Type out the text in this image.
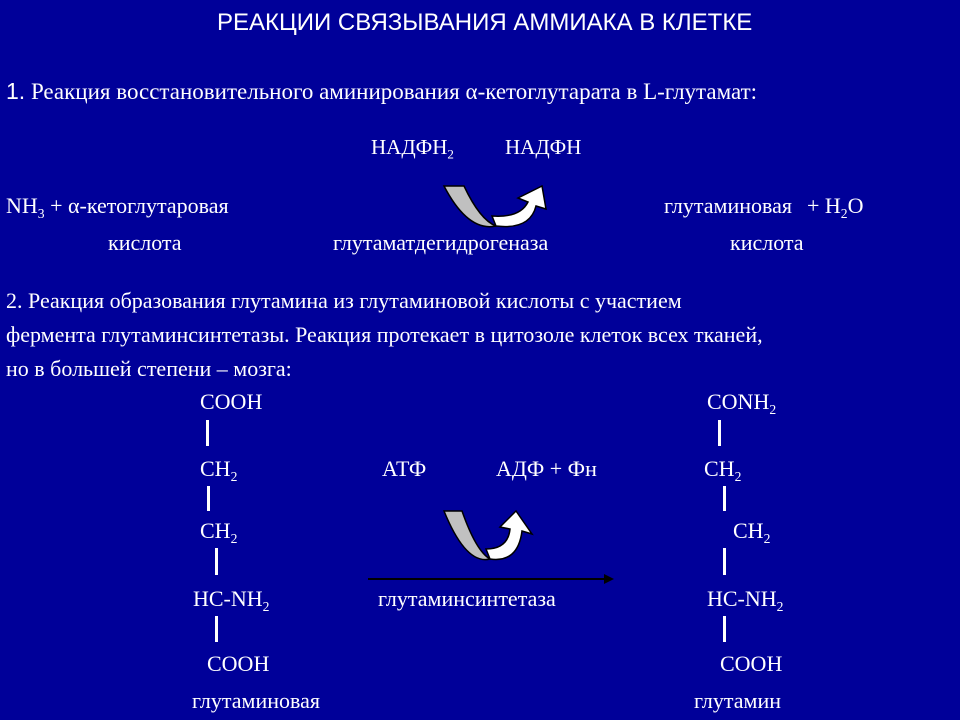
РЕАКЦИИ СВЯЗЫВАНИЯ АММИАКА В КЛЕТКЕ
1. Реакция восстановительного аминирования α-кетоглутарата в L-глутамат:
$НАДФН_2$ НАДФН
$NH_3$ + α-кетоглутаровая
кислота	глутаматдегидрогеназа
глутаминовая + $H_2O$
кислота
2. Реакция образования глутамина из глутаминовой кислоты с участием
фермента глутаминсинтетазы. Реакция протекает в цитозоле клеток всех тканей,
но в большей степени – мозга:
COOH
$CH_2$
$CH_2$
$HC-NH_2$
COOH
глутаминовая
АТФ	АДФ + Фн
глутаминсинтетаза
$CONH_2$
$CH_2$
$CH_2$
$HC-NH_2$
COOH
глутамин
